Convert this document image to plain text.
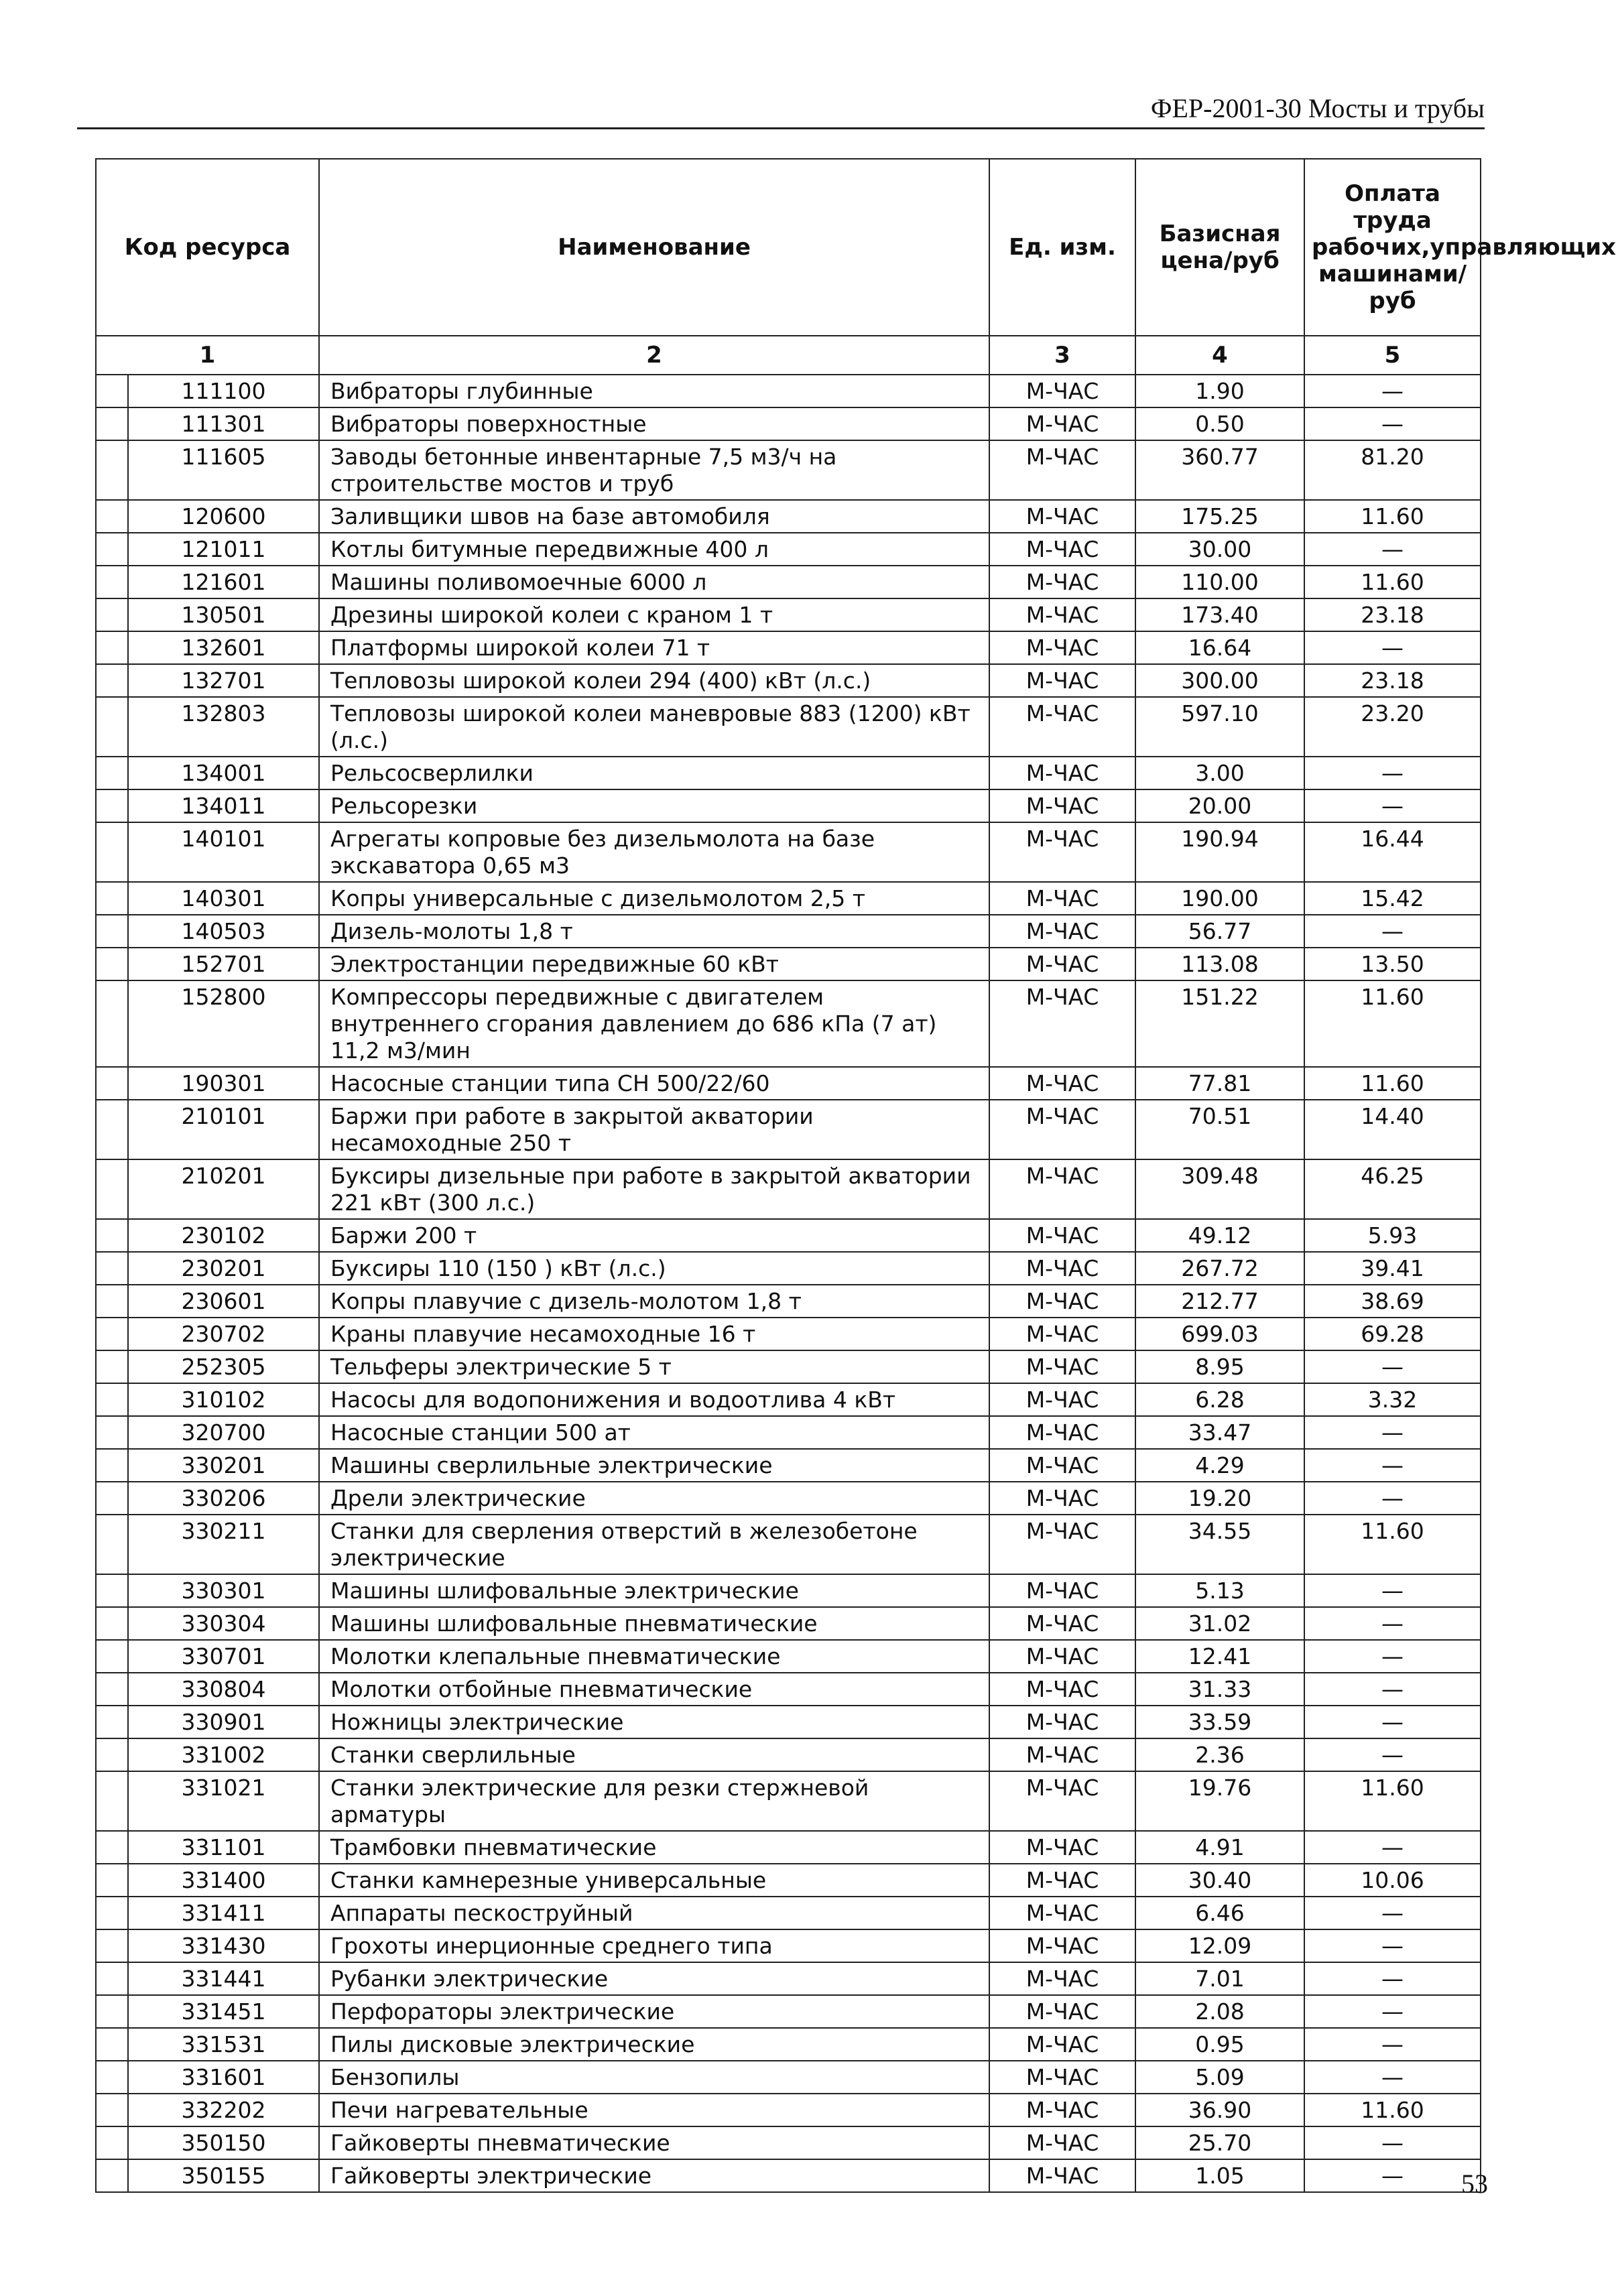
ФЕР-2001-30 Мосты и трубы
Код ресурса		Наименование	Ед. изм.	Базисная цена/руб	Оплата труда рабочих,управляющих машинами/руб
1		2	3	4	5
	111100	Вибраторы глубинные	М-ЧАС	1.90	—
	111301	Вибраторы поверхностные	М-ЧАС	0.50	—
	111605	Заводы бетонные инвентарные 7,5 м3/ч на строительстве мостов и труб	М-ЧАС	360.77	81.20
	120600	Заливщики швов на базе автомобиля	М-ЧАС	175.25	11.60
	121011	Котлы битумные передвижные 400 л	М-ЧАС	30.00	—
	121601	Машины поливомоечные 6000 л	М-ЧАС	110.00	11.60
	130501	Дрезины широкой колеи с краном 1 т	М-ЧАС	173.40	23.18
	132601	Платформы широкой колеи 71 т	М-ЧАС	16.64	—
	132701	Тепловозы широкой колеи 294 (400) кВт (л.с.)	М-ЧАС	300.00	23.18
	132803	Тепловозы широкой колеи маневровые 883 (1200) кВт (л.с.)	М-ЧАС	597.10	23.20
	134001	Рельсосверлилки	М-ЧАС	3.00	—
	134011	Рельсорезки	М-ЧАС	20.00	—
	140101	Агрегаты копровые без дизельмолота на базе экскаватора 0,65 м3	М-ЧАС	190.94	16.44
	140301	Копры универсальные с дизельмолотом 2,5 т	М-ЧАС	190.00	15.42
	140503	Дизель-молоты 1,8 т	М-ЧАС	56.77	—
	152701	Электростанции передвижные 60 кВт	М-ЧАС	113.08	13.50
	152800	Компрессоры передвижные с двигателем внутреннего сгорания давлением до 686 кПа (7 ат) 11,2 м3/мин	М-ЧАС	151.22	11.60
	190301	Насосные станции типа СН 500/22/60	М-ЧАС	77.81	11.60
	210101	Баржи при работе в закрытой акватории несамоходные 250 т	М-ЧАС	70.51	14.40
	210201	Буксиры дизельные при работе в закрытой акватории 221 кВт (300 л.с.)	М-ЧАС	309.48	46.25
	230102	Баржи 200 т	М-ЧАС	49.12	5.93
	230201	Буксиры 110 (150 ) кВт (л.с.)	М-ЧАС	267.72	39.41
	230601	Копры плавучие с дизель-молотом 1,8 т	М-ЧАС	212.77	38.69
	230702	Краны плавучие несамоходные 16 т	М-ЧАС	699.03	69.28
	252305	Тельферы электрические 5 т	М-ЧАС	8.95	—
	310102	Насосы для водопонижения и водоотлива 4 кВт	М-ЧАС	6.28	3.32
	320700	Насосные станции 500 ат	М-ЧАС	33.47	—
	330201	Машины сверлильные электрические	М-ЧАС	4.29	—
	330206	Дрели электрические	М-ЧАС	19.20	—
	330211	Станки для сверления отверстий в железобетоне электрические	М-ЧАС	34.55	11.60
	330301	Машины шлифовальные электрические	М-ЧАС	5.13	—
	330304	Машины шлифовальные пневматические	М-ЧАС	31.02	—
	330701	Молотки клепальные пневматические	М-ЧАС	12.41	—
	330804	Молотки отбойные пневматические	М-ЧАС	31.33	—
	330901	Ножницы электрические	М-ЧАС	33.59	—
	331002	Станки сверлильные	М-ЧАС	2.36	—
	331021	Станки электрические для резки стержневой арматуры	М-ЧАС	19.76	11.60
	331101	Трамбовки пневматические	М-ЧАС	4.91	—
	331400	Станки камнерезные универсальные	М-ЧАС	30.40	10.06
	331411	Аппараты пескоструйный	М-ЧАС	6.46	—
	331430	Грохоты инерционные среднего типа	М-ЧАС	12.09	—
	331441	Рубанки электрические	М-ЧАС	7.01	—
	331451	Перфораторы электрические	М-ЧАС	2.08	—
	331531	Пилы дисковые электрические	М-ЧАС	0.95	—
	331601	Бензопилы	М-ЧАС	5.09	—
	332202	Печи нагревательные	М-ЧАС	36.90	11.60
	350150	Гайковерты пневматические	М-ЧАС	25.70	—
	350155	Гайковерты электрические	М-ЧАС	1.05	—	53
